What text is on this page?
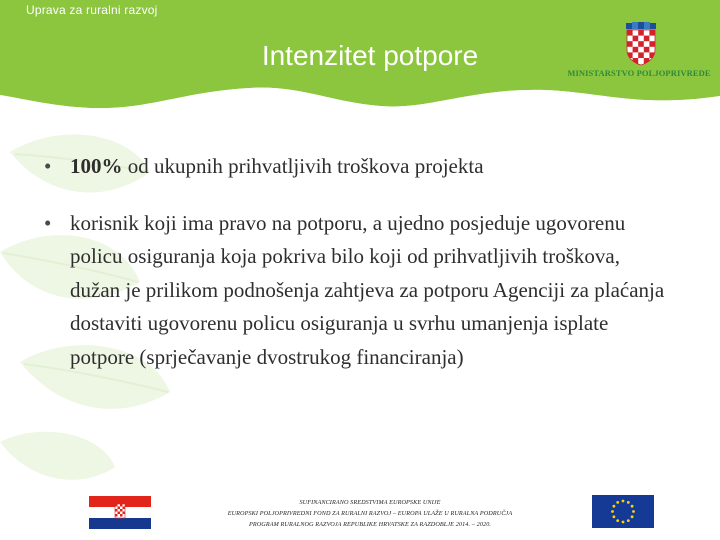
Uprava za ruralni razvoj
Intenzitet potpore
MINISTARSTVO POLJOPRIVREDE
• 100% od ukupnih prihvatljivih troškova projekta
• korisnik koji ima pravo na potporu, a ujedno posjeduje ugovorenu policu osiguranja koja pokriva bilo koji od prihvatljivih troškova, dužan je prilikom podnošenja zahtjeva za potporu Agenciji za plaćanja dostaviti ugovorenu policu osiguranja u svrhu umanjenja isplate potpore (sprječavanje dvostrukog financiranja)
SUFINANCIRANO SREDSTVIMA EUROPSKE UNIJE
EUROPSKI POLJOPRIVREDNI FOND ZA RURALNI RAZVOJ – EUROPA ULAŽE U RURALNA PODRUČJA
PROGRAM RURALNOG RAZVOJA REPUBLIKE HRVATSKE ZA RAZDOBLJE 2014. – 2020.
